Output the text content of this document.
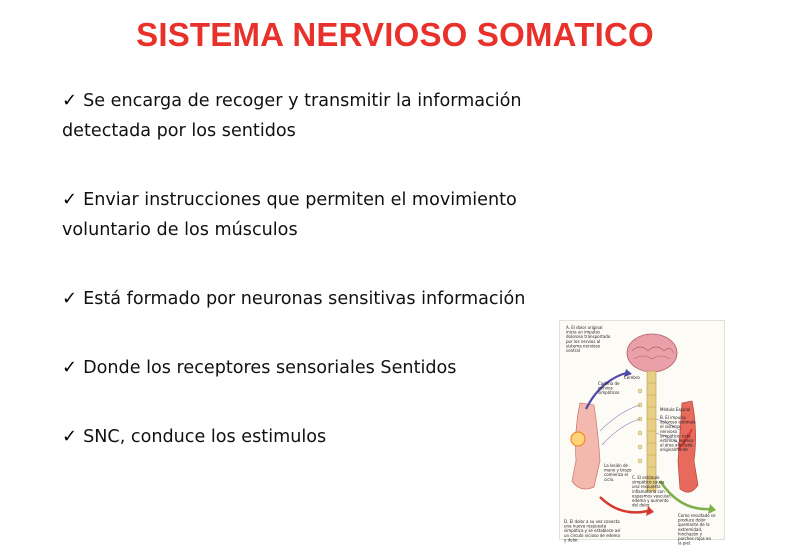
SISTEMA NERVIOSO SOMATICO
✓ Se encarga de recoger y transmitir la información
detectada por los sentidos
✓ Enviar instrucciones que permiten el movimiento
voluntario de los músculos
✓ Está formado por neuronas sensitivas información
✓ Donde los receptores sensoriales Sentidos
✓ SNC, conduce los estimulos
A. El dolor original inicia un impulso doloroso transportado por los nervios al sistema nervioso central
Cerebro
Cadena de nervios simpáticos
Médula Espinal
B. El impulso doloroso estimula el sistema nervioso simpático; este estímulo regresa al área afectada originalmente
La lesión de mano y brazo comienza el ciclo.	C. El estímulo simpático causa una respuesta inflamatoria con espasmos vascular, edema y aumento del dolor.
D. El dolor a su vez conecta una nueva respuesta simpática y se establece así un círculo vicioso de edema y dolor.
Como resultado se produce dolor quemante de la extremidad, hinchazón y parches rojos en la piel.
